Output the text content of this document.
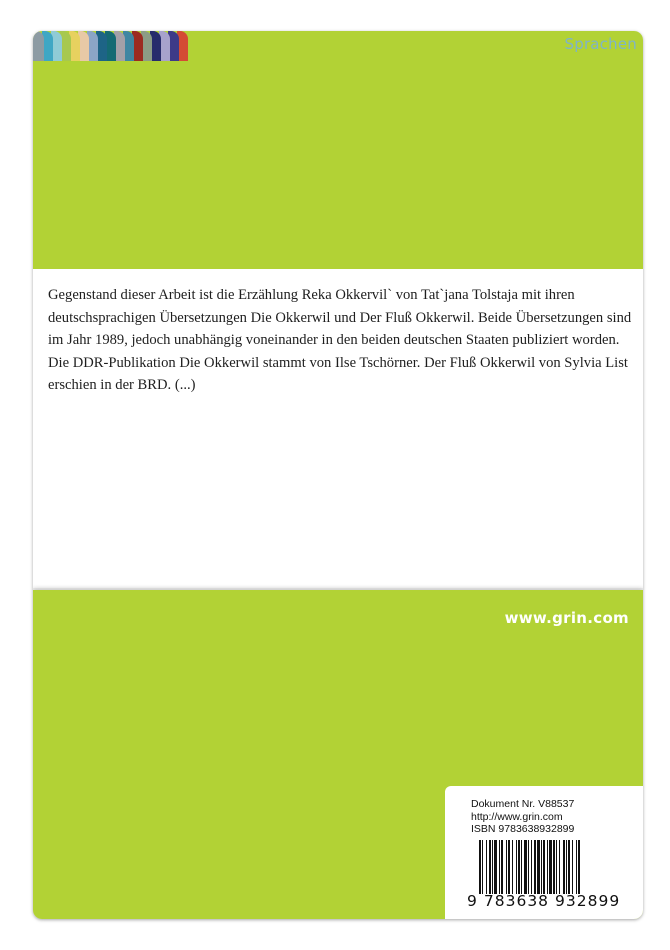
Sprachen
Gegenstand dieser Arbeit ist die Erzählung Reka Okkervil` von Tat`jana Tolstaja mit ihren deutschsprachigen Übersetzungen Die Okkerwil und Der Fluß Okkerwil. Beide Übersetzungen sind im Jahr 1989, jedoch unabhängig voneinander in den beiden deutschen Staaten publiziert worden. Die DDR-Publikation Die Okkerwil stammt von Ilse Tschörner. Der Fluß Okkerwil von Sylvia List erschien in der BRD. (...)
www.grin.com
Dokument Nr. V88537
http://www.grin.com
ISBN 9783638932899
9 783638 932899
